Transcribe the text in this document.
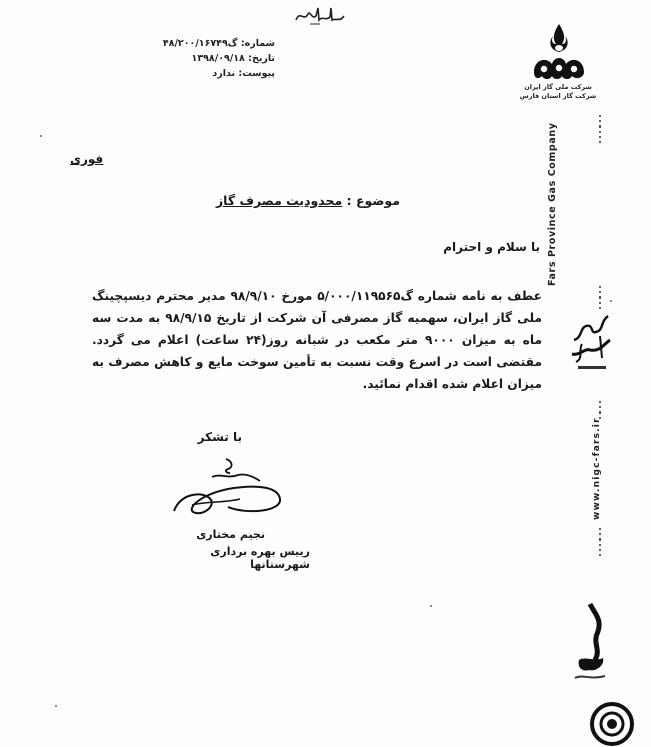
شماره: گ۴۸/۲۰۰/۱۶۷۴۹
تاریخ: ۱۳۹۸/۰۹/۱۸
پیوست: ندارد
شرکت ملی گاز ایران
شرکت گاز استان فارس
Fars Province Gas Company
www.nigc-fars.ir
فوری
موضوع : محدودیت مصرف گاز
با سلام و احترام
عطف به نامه شماره گ۵/۰۰۰/۱۱۹۵۶۵ مورخ ۹۸/۹/۱۰ مدیر محترم دیسپچینگ ملی گاز ایران، سهمیه گاز مصرفی آن شرکت از تاریخ ۹۸/۹/۱۵ به مدت سه ماه به میزان ۹۰۰۰ متر مکعب در شبانه روز(۲۴ ساعت) اعلام می گردد. مقتضی است در اسرع وقت نسبت به تأمین سوخت مایع و کاهش مصرف به میزان اعلام شده اقدام نمائید.
با تشکر
نجیم مختاری
رییس بهره برداری شهرستانها
